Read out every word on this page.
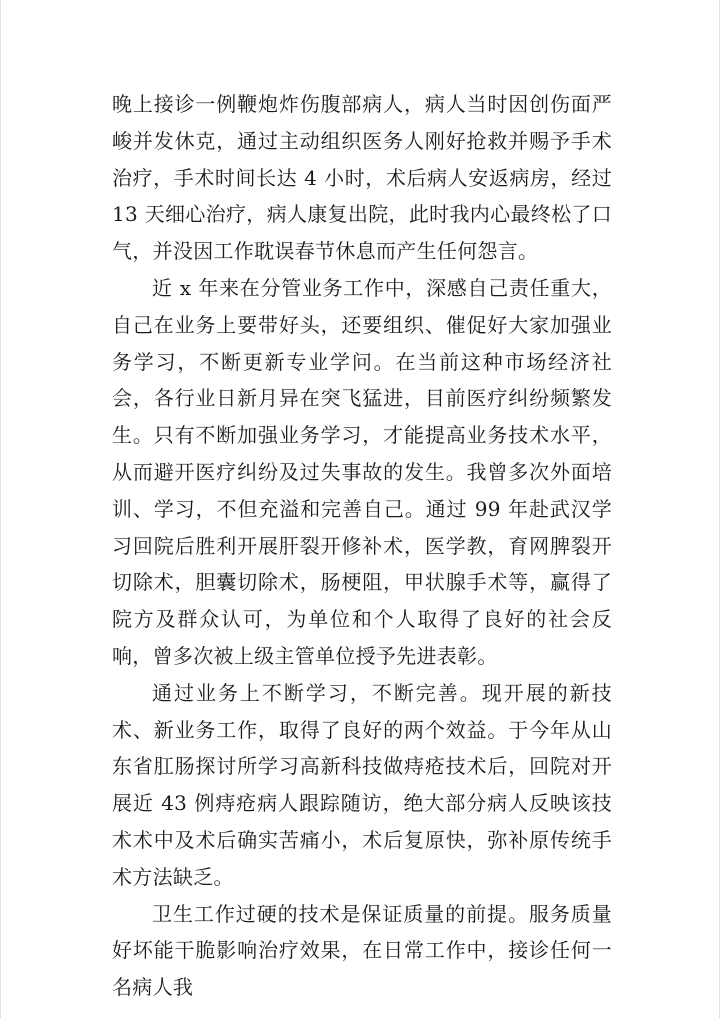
晚上接诊一例鞭炮炸伤腹部病人，病人当时因创伤面严峻并发休克，通过主动组织医务人刚好抢救并赐予手术治疗，手术时间长达 4 小时，术后病人安返病房，经过 13 天细心治疗，病人康复出院，此时我内心最终松了口气，并没因工作耽误春节休息而产生任何怨言。

近 x 年来在分管业务工作中，深感自己责任重大，自己在业务上要带好头，还要组织、催促好大家加强业务学习，不断更新专业学问。在当前这种市场经济社会，各行业日新月异在突飞猛进，目前医疗纠纷频繁发生。只有不断加强业务学习，才能提高业务技术水平，从而避开医疗纠纷及过失事故的发生。我曾多次外面培训、学习，不但充溢和完善自己。通过 99 年赴武汉学习回院后胜利开展肝裂开修补术，医学教，育网脾裂开切除术，胆囊切除术，肠梗阻，甲状腺手术等，赢得了院方及群众认可，为单位和个人取得了良好的社会反响，曾多次被上级主管单位授予先进表彰。

通过业务上不断学习，不断完善。现开展的新技术、新业务工作，取得了良好的两个效益。于今年从山东省肛肠探讨所学习高新科技做痔疮技术后，回院对开展近 43 例痔疮病人跟踪随访，绝大部分病人反映该技术术中及术后确实苦痛小，术后复原快，弥补原传统手术方法缺乏。

卫生工作过硬的技术是保证质量的前提。服务质量好坏能干脆影响治疗效果，在日常工作中，接诊任何一名病人我
